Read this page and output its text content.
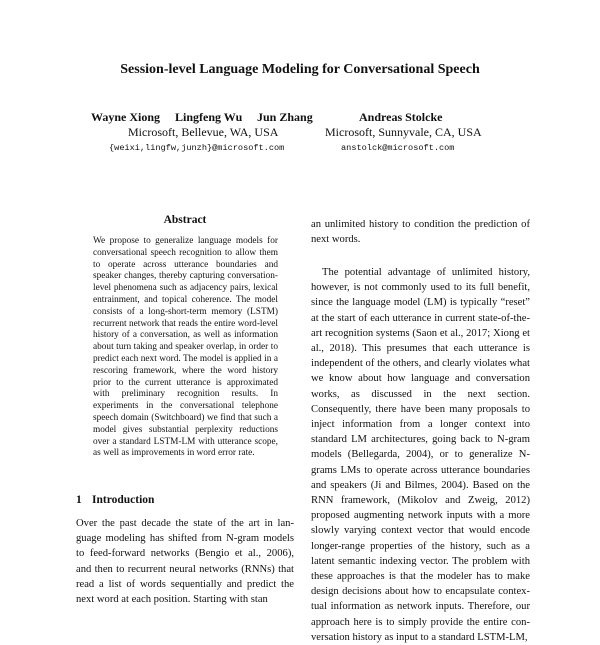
Session-level Language Modeling for Conversational Speech
Wayne Xiong Lingfeng Wu Jun Zhang	Andreas Stolcke
Microsoft, Bellevue, WA, USA	Microsoft, Sunnyvale, CA, USA
{weixi,lingfw,junzh}@microsoft.com	anstolck@microsoft.com
Abstract

We propose to generalize language models for conversational speech recognition to allow them to operate across utterance boundaries and speaker changes, thereby capturing conversation-level phenomena such as adjacency pairs, lexical entrainment, and topical coherence. The model consists of a long-short-term memory (LSTM) recurrent network that reads the entire word-level history of a conversation, as well as information about turn taking and speaker overlap, in order to predict each next word. The model is applied in a rescoring framework, where the word history prior to the current utterance is approximated with preliminary recognition results. In experiments in the conversational telephone speech domain (Switchboard) we find that such a model gives substantial perplexity reductions over a standard LSTM-LM with utterance scope, as well as improvements in word error rate.

1 Introduction

Over the past decade the state of the art in language modeling has shifted from N-gram models to feed-forward networks (Bengio et al., 2006), and then to recurrent neural networks (RNNs) that read a list of words sequentially and predict the next word at each position. Starting with stan

an unlimited history to condition the prediction of next words.

The potential advantage of unlimited history, however, is not commonly used to its full benefit, since the language model (LM) is typically “reset” at the start of each utterance in current state-of-the-art recognition systems (Saon et al., 2017; Xiong et al., 2018). This presumes that each utterance is independent of the others, and clearly violates what we know about how language and conversation works, as discussed in the next section. Consequently, there have been many proposals to inject information from a longer context into standard LM architectures, going back to N-gram models (Bellegarda, 2004), or to generalize N-grams LMs to operate across utterance boundaries and speakers (Ji and Bilmes, 2004). Based on the RNN framework, (Mikolov and Zweig, 2012) proposed augmenting network inputs with a more slowly varying context vector that would encode longer-range properties of the history, such as a latent semantic indexing vector. The problem with these approaches is that the modeler has to make design decisions about how to encapsulate contextual information as network inputs. Therefore, our approach here is to simply provide the entire conversation history as input to a standard LSTM-LM,
